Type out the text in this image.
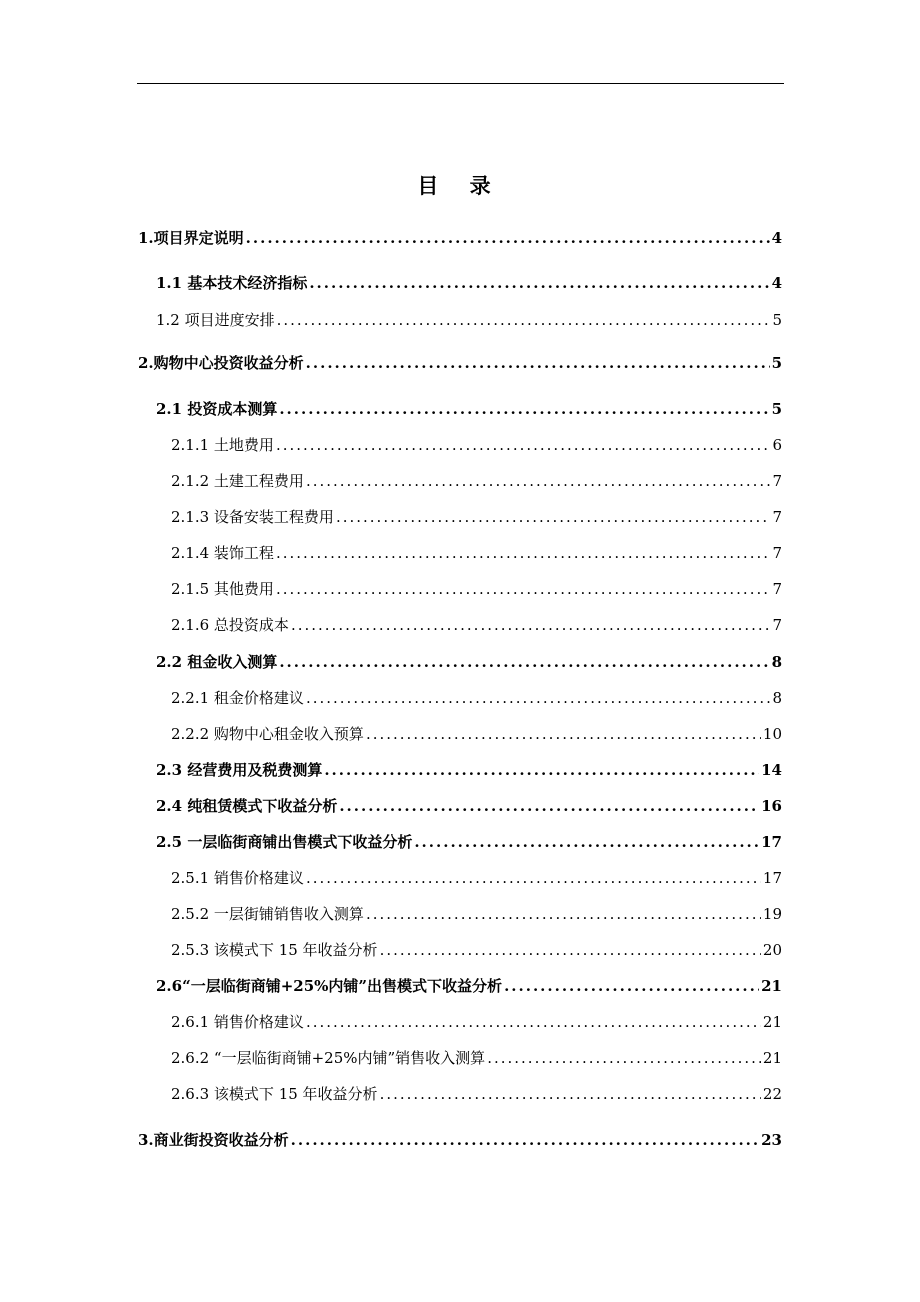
目 录
1.项目界定说明 .....	4
1.1 基本技术经济指标 .....	4
1.2 项目进度安排 .....	5
2.购物中心投资收益分析 .....	5
2.1 投资成本测算 .....	5
2.1.1 土地费用 .....	6
2.1.2 土建工程费用 .....	7
2.1.3 设备安装工程费用 .....	7
2.1.4 装饰工程 .....	7
2.1.5 其他费用 .....	7
2.1.6 总投资成本 .....	7
2.2 租金收入测算 .....	8
2.2.1 租金价格建议 .....	8
2.2.2 购物中心租金收入预算 .....	10
2.3 经营费用及税费测算 .....	14
2.4 纯租赁模式下收益分析 .....	16
2.5 一层临街商铺出售模式下收益分析 .....	17
2.5.1 销售价格建议 .....	17
2.5.2 一层街铺销售收入测算 .....	19
2.5.3 该模式下 15 年收益分析 .....	20
2.6“一层临街商铺+25%内铺”出售模式下收益分析 .....	21
2.6.1 销售价格建议 .....	21
2.6.2 “一层临街商铺+25%内铺”销售收入测算 .....	21
2.6.3 该模式下 15 年收益分析 .....	22
3.商业街投资收益分析 .....	23
